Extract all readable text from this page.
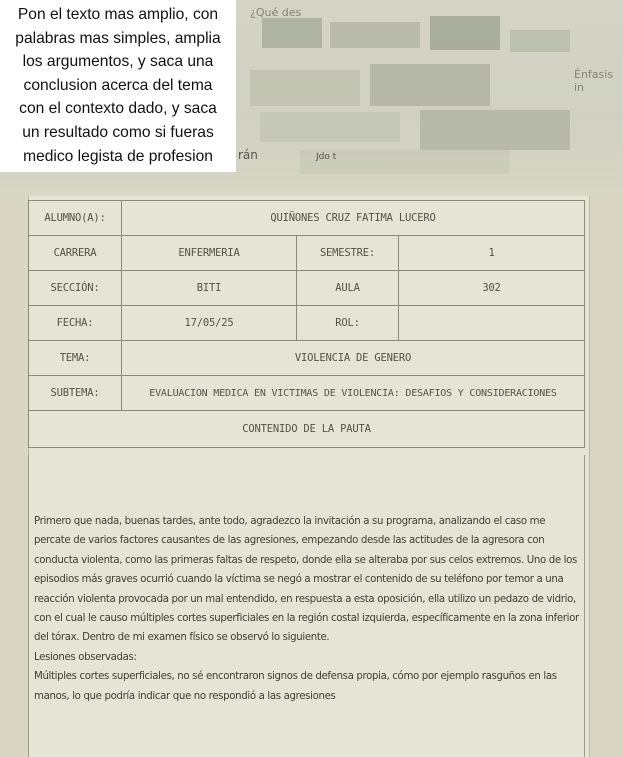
¿Qué des
Énfasis in
rán	Jdo t
Pon el texto mas amplio, con
palabras mas simples, amplia
los argumentos, y saca una
conclusion acerca del tema
con el contexto dado, y saca
un resultado como si fueras
medico legista de profesion
ALUMNO(A):	QUIÑONES CRUZ FATIMA LUCERO		
CARRERA	ENFERMERIA	SEMESTRE:	1
SECCIÓN:	BITI	AULA	302
FECHA:	17/05/25	ROL:	
TEMA:	VIOLENCIA DE GENERO		
SUBTEMA:	EVALUACION MEDICA EN VICTIMAS DE VIOLENCIA: DESAFIOS Y CONSIDERACIONES		
CONTENIDO DE LA PAUTA			

Primero que nada, buenas tardes, ante todo, agradezco la invitación a su programa, analizando el caso me percate de varios factores causantes de las agresiones, empezando desde las actitudes de la agresora con conducta violenta, como las primeras faltas de respeto, donde ella se alteraba por sus celos extremos. Uno de los episodios más graves ocurrió cuando la víctima se negó a mostrar el contenido de su teléfono por temor a una reacción violenta provocada por un mal entendido, en respuesta a esta oposición, ella utilizo un pedazo de vidrio, con el cual le causo múltiples cortes superficiales en la región costal izquierda, específicamente en la zona inferior del tórax. Dentro de mi examen físico se observó lo siguiente.

Lesiones observadas:

Múltiples cortes superficiales, no sé encontraron signos de defensa propia, cómo por ejemplo rasguños en las manos, lo que podría indicar que no respondió a las agresiones
